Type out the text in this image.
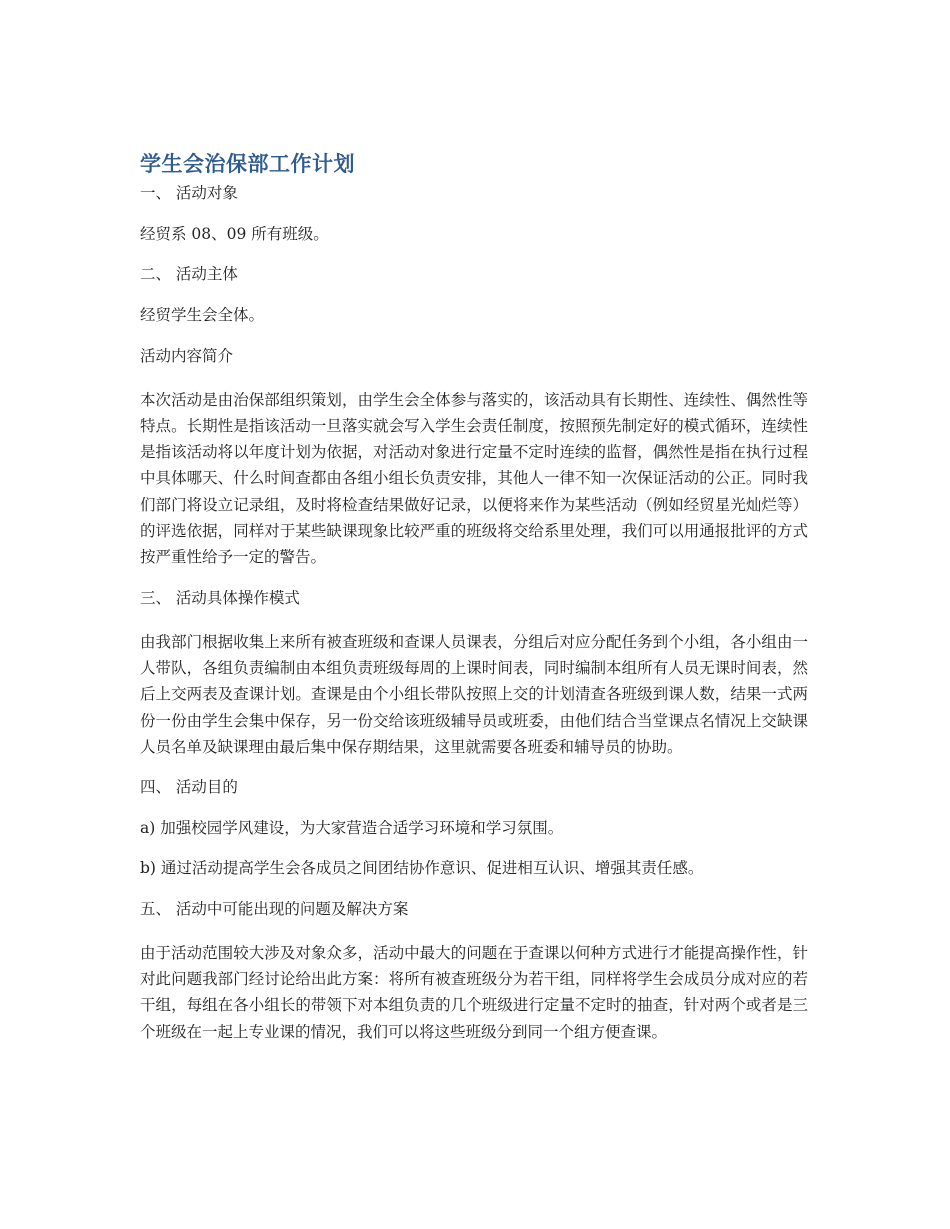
学生会治保部工作计划

一、 活动对象

经贸系 08、09 所有班级。

二、 活动主体

经贸学生会全体。

活动内容简介

本次活动是由治保部组织策划，由学生会全体参与落实的，该活动具有长期性、连续性、偶然性等特点。长期性是指该活动一旦落实就会写入学生会责任制度，按照预先制定好的模式循环，连续性是指该活动将以年度计划为依据，对活动对象进行定量不定时连续的监督，偶然性是指在执行过程中具体哪天、什么时间查都由各组小组长负责安排，其他人一律不知一次保证活动的公正。同时我们部门将设立记录组，及时将检查结果做好记录，以便将来作为某些活动（例如经贸星光灿烂等）的评选依据，同样对于某些缺课现象比较严重的班级将交给系里处理，我们可以用通报批评的方式按严重性给予一定的警告。

三、 活动具体操作模式

由我部门根据收集上来所有被查班级和查课人员课表，分组后对应分配任务到个小组，各小组由一人带队，各组负责编制由本组负责班级每周的上课时间表，同时编制本组所有人员无课时间表，然后上交两表及查课计划。查课是由个小组长带队按照上交的计划清查各班级到课人数，结果一式两份一份由学生会集中保存，另一份交给该班级辅导员或班委，由他们结合当堂课点名情况上交缺课人员名单及缺课理由最后集中保存期结果，这里就需要各班委和辅导员的协助。

四、 活动目的

a) 加强校园学风建设，为大家营造合适学习环境和学习氛围。

b) 通过活动提高学生会各成员之间团结协作意识、促进相互认识、增强其责任感。

五、 活动中可能出现的问题及解决方案

由于活动范围较大涉及对象众多，活动中最大的问题在于查课以何种方式进行才能提高操作性，针对此问题我部门经讨论给出此方案：将所有被查班级分为若干组，同样将学生会成员分成对应的若干组，每组在各小组长的带领下对本组负责的几个班级进行定量不定时的抽查，针对两个或者是三个班级在一起上专业课的情况，我们可以将这些班级分到同一个组方便查课。
